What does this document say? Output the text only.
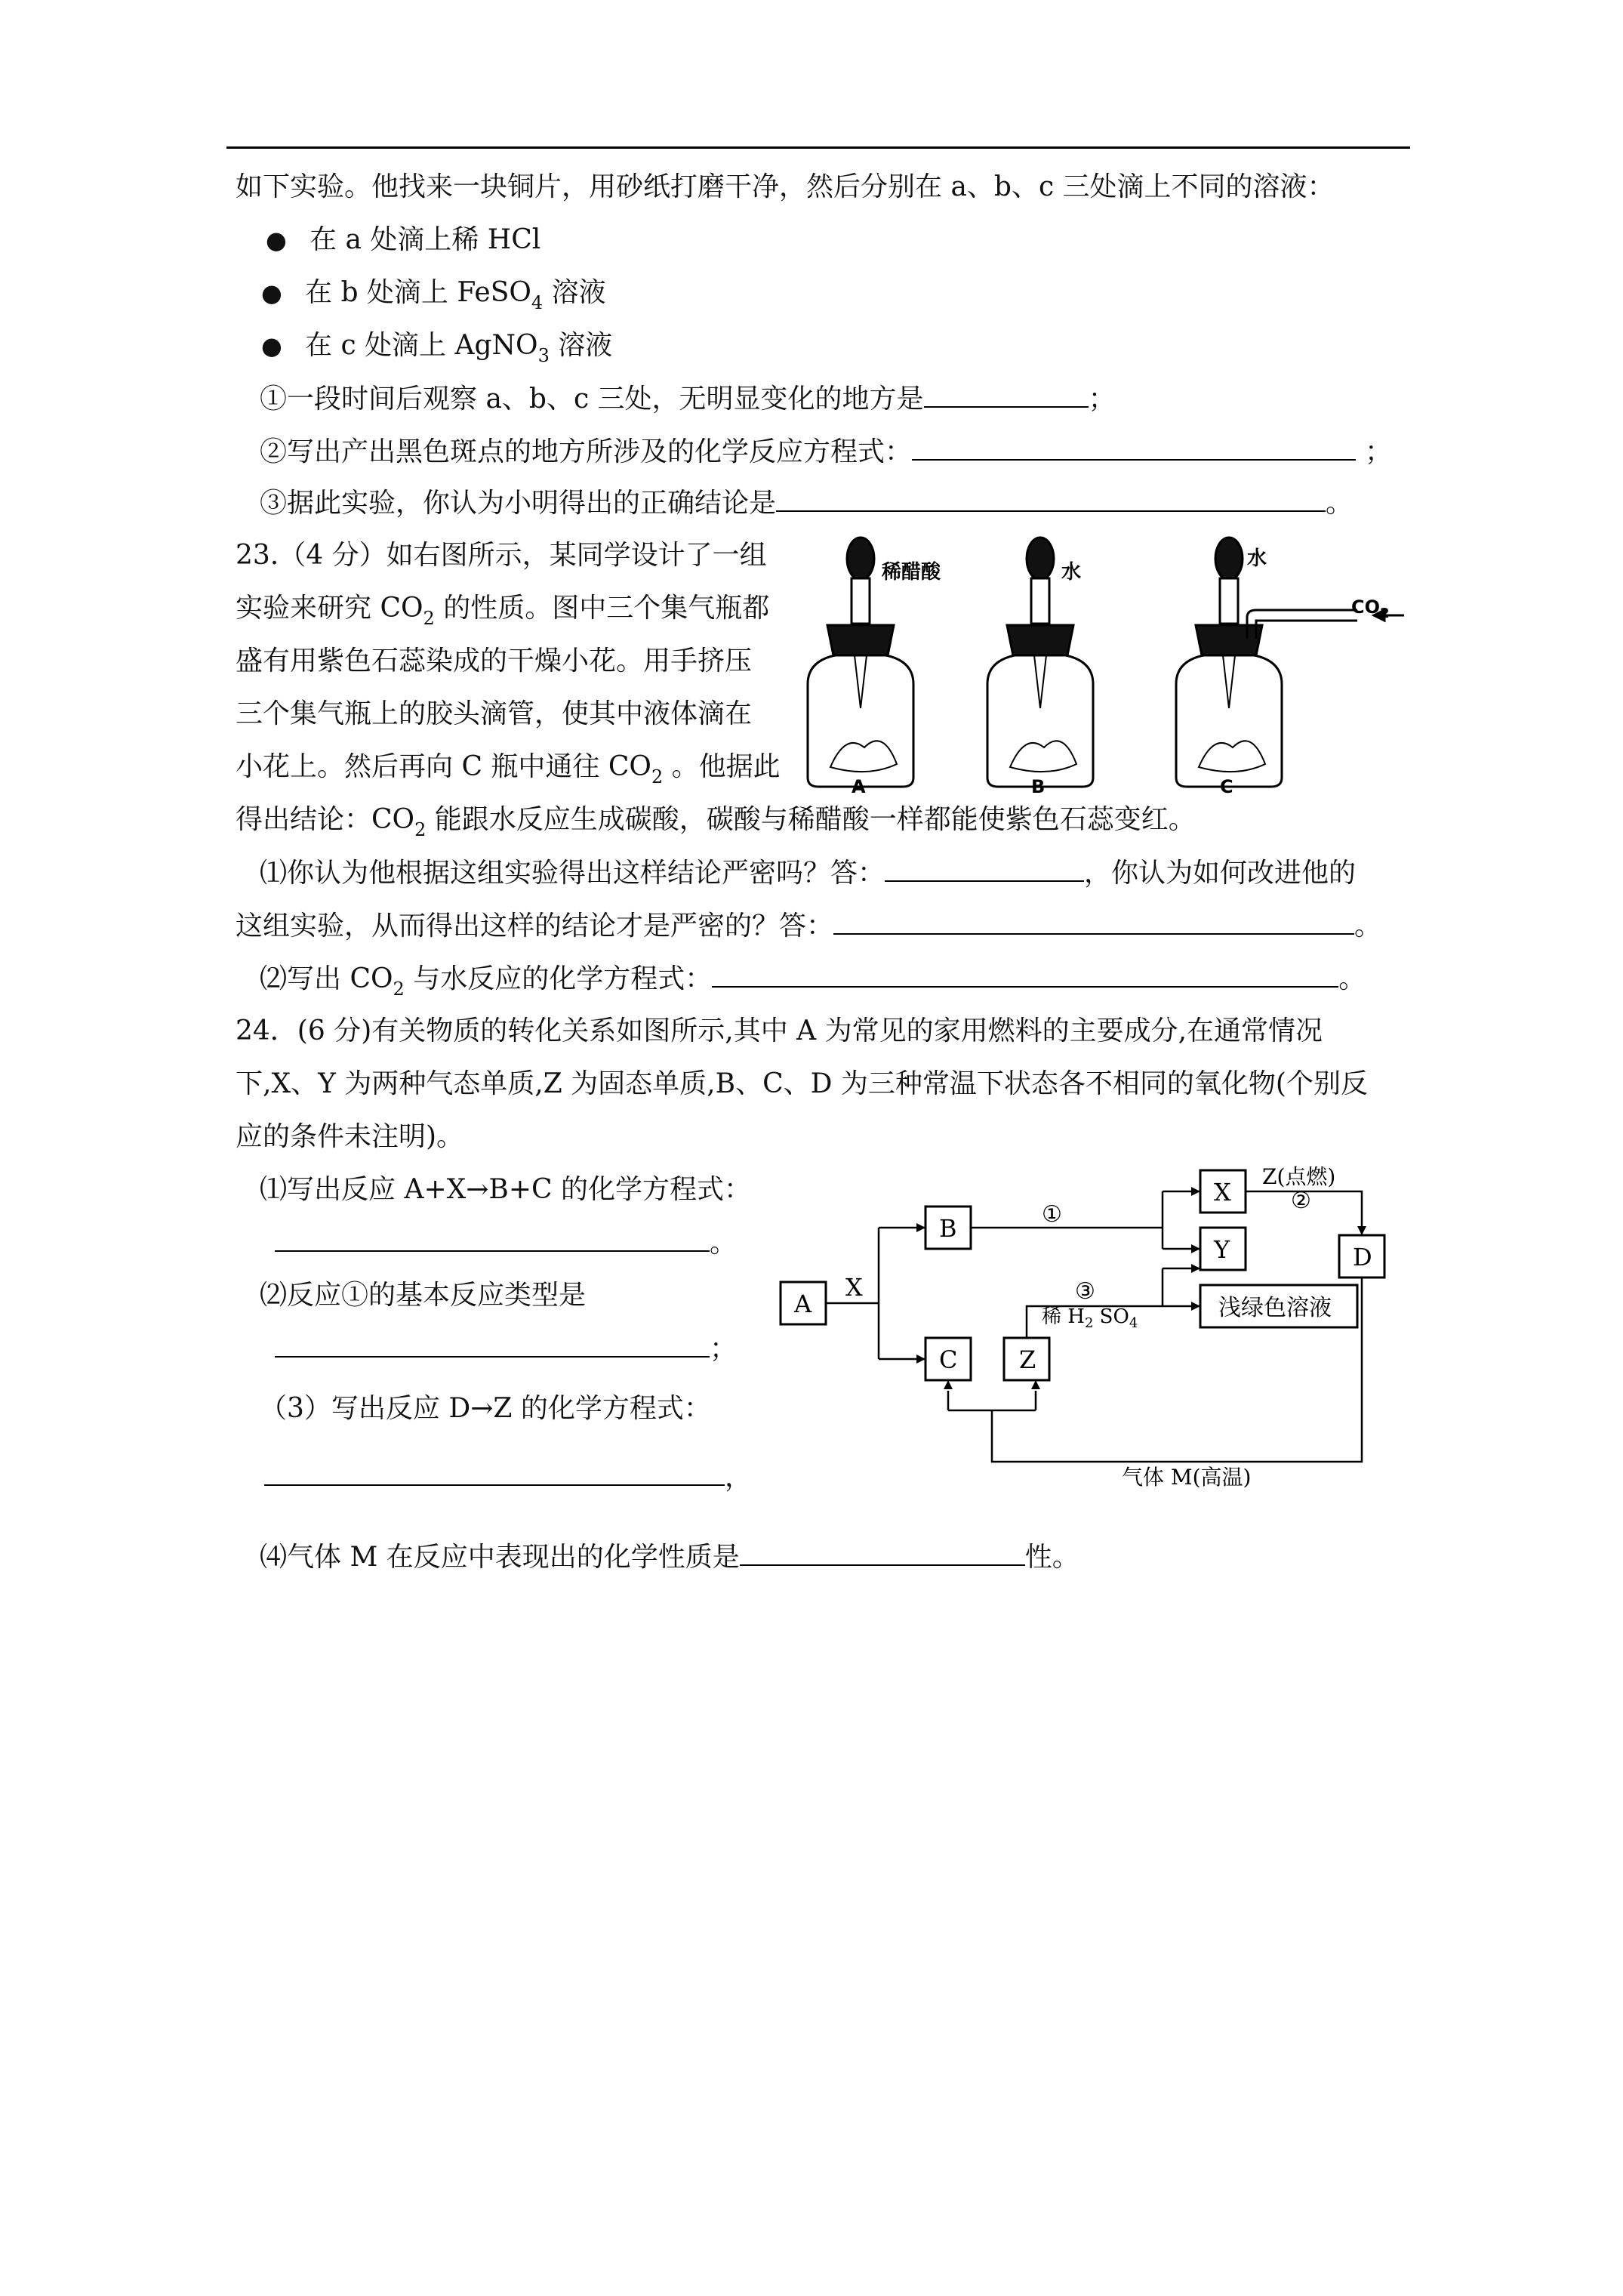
如下实验。他找来一块铜片，用砂纸打磨干净，然后分别在 a、b、c 三处滴上不同的溶液：
● 在 a 处滴上稀 HCl
● 在 b 处滴上 FeSO$_4$ 溶液
● 在 c 处滴上 AgNO$_3$ 溶液
①一段时间后观察 a、b、c 三处，无明显变化的地方是	；
②写出产出黑色斑点的地方所涉及的化学反应方程式：	；
③据此实验，你认为小明得出的正确结论是	。
23.（4 分）如右图所示，某同学设计了一组
实验来研究 $CO_2$ 的性质。图中三个集气瓶都
盛有用紫色石蕊染成的干燥小花。用手挤压
三个集气瓶上的胶头滴管，使其中液体滴在
小花上。然后再向 C 瓶中通往 $CO_2$ 。他据此
得出结论：$CO_2$ 能跟水反应生成碳酸，碳酸与稀醋酸一样都能使紫色石蕊变红。
⑴你认为他根据这组实验得出这样结论严密吗？答：	，你认为如何改进他的
这组实验，从而得出这样的结论才是严密的？答：	。
⑵写出 $CO_2$ 与水反应的化学方程式：	。
稀醋酸	水
水
$CO_2$
A	B	C
24．(6 分)有关物质的转化关系如图所示,其中 A 为常见的家用燃料的主要成分,在通常情况
下,X、Y 为两种气态单质,Z 为固态单质,B、C、D 为三种常温下状态各不相同的氧化物(个别反
应的条件未注明)。
⑴写出反应 A+X→B+C 的化学方程式：
。
⑵反应①的基本反应类型是
；
（3）写出反应 D→Z 的化学方程式：
，
⑷气体 M 在反应中表现出的化学性质是	性。
A
B
C	Z
X
Y	D
X
浅绿色溶液
①
②
③
Z(点燃)
稀 $H_2$ $SO_4$
气体 M(高温)
